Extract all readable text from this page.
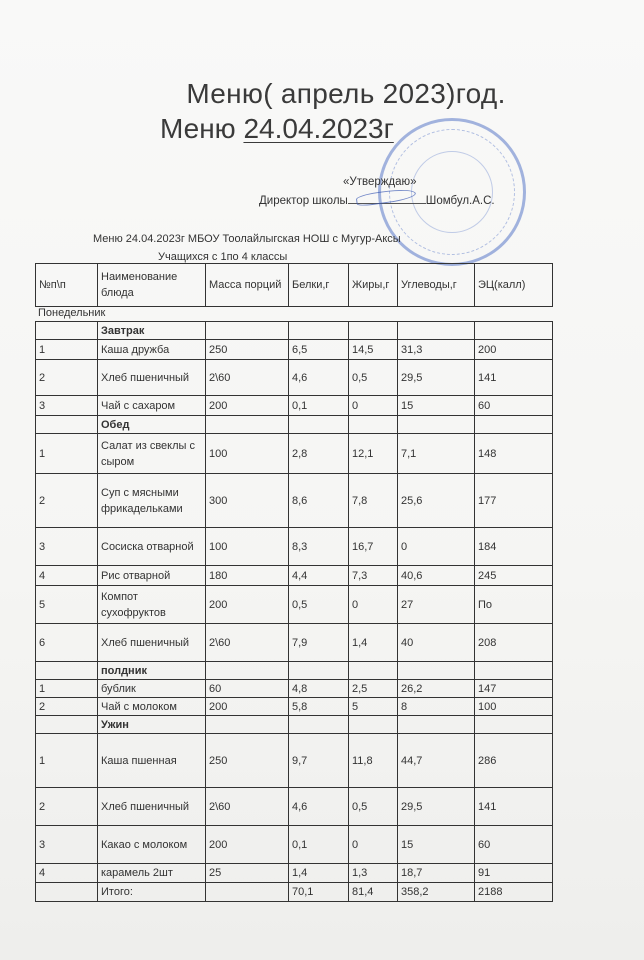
Меню( апрель 2023)год.
Меню 24.04.2023г
«Утверждаю»
Директор школы	Шомбул.А.С.
Меню 24.04.2023г МБОУ Тоолайлыгская НОШ с Мугур-Аксы
Учащихся с 1по 4 классы
№п\п	Наименование блюда	Масса порций	Белки,г	Жиры,г	Углеводы,г	ЭЦ(калл)
Понедельник
	Завтрак					
1	Каша дружба	250	6,5	14,5	31,3	200
2	Хлеб пшеничный	2\60	4,6	0,5	29,5	141
3	Чай с сахаром	200	0,1	0	15	60
	Обед					
1	Салат из свеклы с сыром	100	2,8	12,1	7,1	148
2	Суп с мясными фрикадельками	300	8,6	7,8	25,6	177
3	Сосиска отварной	100	8,3	16,7	0	184
4	Рис отварной	180	4,4	7,3	40,6	245
5	Компот сухофруктов	200	0,5	0	27	По
6	Хлеб пшеничный	2\60	7,9	1,4	40	208
	полдник					
1	бублик	60	4,8	2,5	26,2	147
2	Чай с молоком	200	5,8	5	8	100
	Ужин					
1	Каша пшенная	250	9,7	11,8	44,7	286
2	Хлеб пшеничный	2\60	4,6	0,5	29,5	141
3	Какао с молоком	200	0,1	0	15	60
4	карамель 2шт	25	1,4	1,3	18,7	91
	Итого:		70,1	81,4	358,2	2188
